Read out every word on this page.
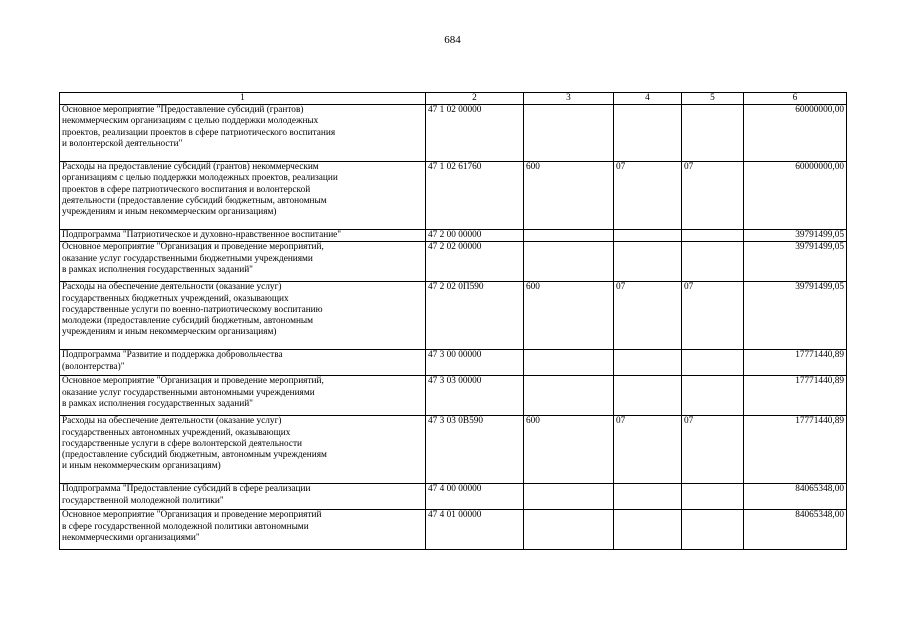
684
1	2	3	4	5	6
Основное мероприятие "Предоставление субсидий (грантов)
некоммерческим организациям с целью поддержки молодежных
проектов, реализации проектов в сфере патриотического воспитания
и волонтерской деятельности"	47 1 02 00000				60000000,00
Расходы на предоставление субсидий (грантов) некоммерческим
организациям с целью поддержки молодежных проектов, реализации
проектов в сфере патриотического воспитания и волонтерской
деятельности (предоставление субсидий бюджетным, автономным
учреждениям и иным некоммерческим организациям)	47 1 02 61760	600	07	07	60000000,00
Подпрограмма "Патриотическое и духовно-нравственное воспитание"	47 2 00 00000				39791499,05
Основное мероприятие "Организация и проведение мероприятий,
оказание услуг государственными бюджетными учреждениями
в рамках исполнения государственных заданий"	47 2 02 00000				39791499,05
Расходы на обеспечение деятельности (оказание услуг)
государственных бюджетных учреждений, оказывающих
государственные услуги по военно-патриотическому воспитанию
молодежи (предоставление субсидий бюджетным, автономным
учреждениям и иным некоммерческим организациям)	47 2 02 0П590	600	07	07	39791499,05
Подпрограмма "Развитие и поддержка добровольчества
(волонтерства)"	47 3 00 00000				17771440,89
Основное мероприятие "Организация и проведение мероприятий,
оказание услуг государственными автономными учреждениями
в рамках исполнения государственных заданий"	47 3 03 00000				17771440,89
Расходы на обеспечение деятельности (оказание услуг)
государственных автономных учреждений, оказывающих
государственные услуги в сфере волонтерской деятельности
(предоставление субсидий бюджетным, автономным учреждениям
и иным некоммерческим организациям)	47 3 03 0В590	600	07	07	17771440,89
Подпрограмма "Предоставление субсидий в сфере реализации
государственной молодежной политики"	47 4 00 00000				84065348,00
Основное мероприятие "Организация и проведение мероприятий
в сфере государственной молодежной политики автономными
некоммерческими организациями"	47 4 01 00000				84065348,00
